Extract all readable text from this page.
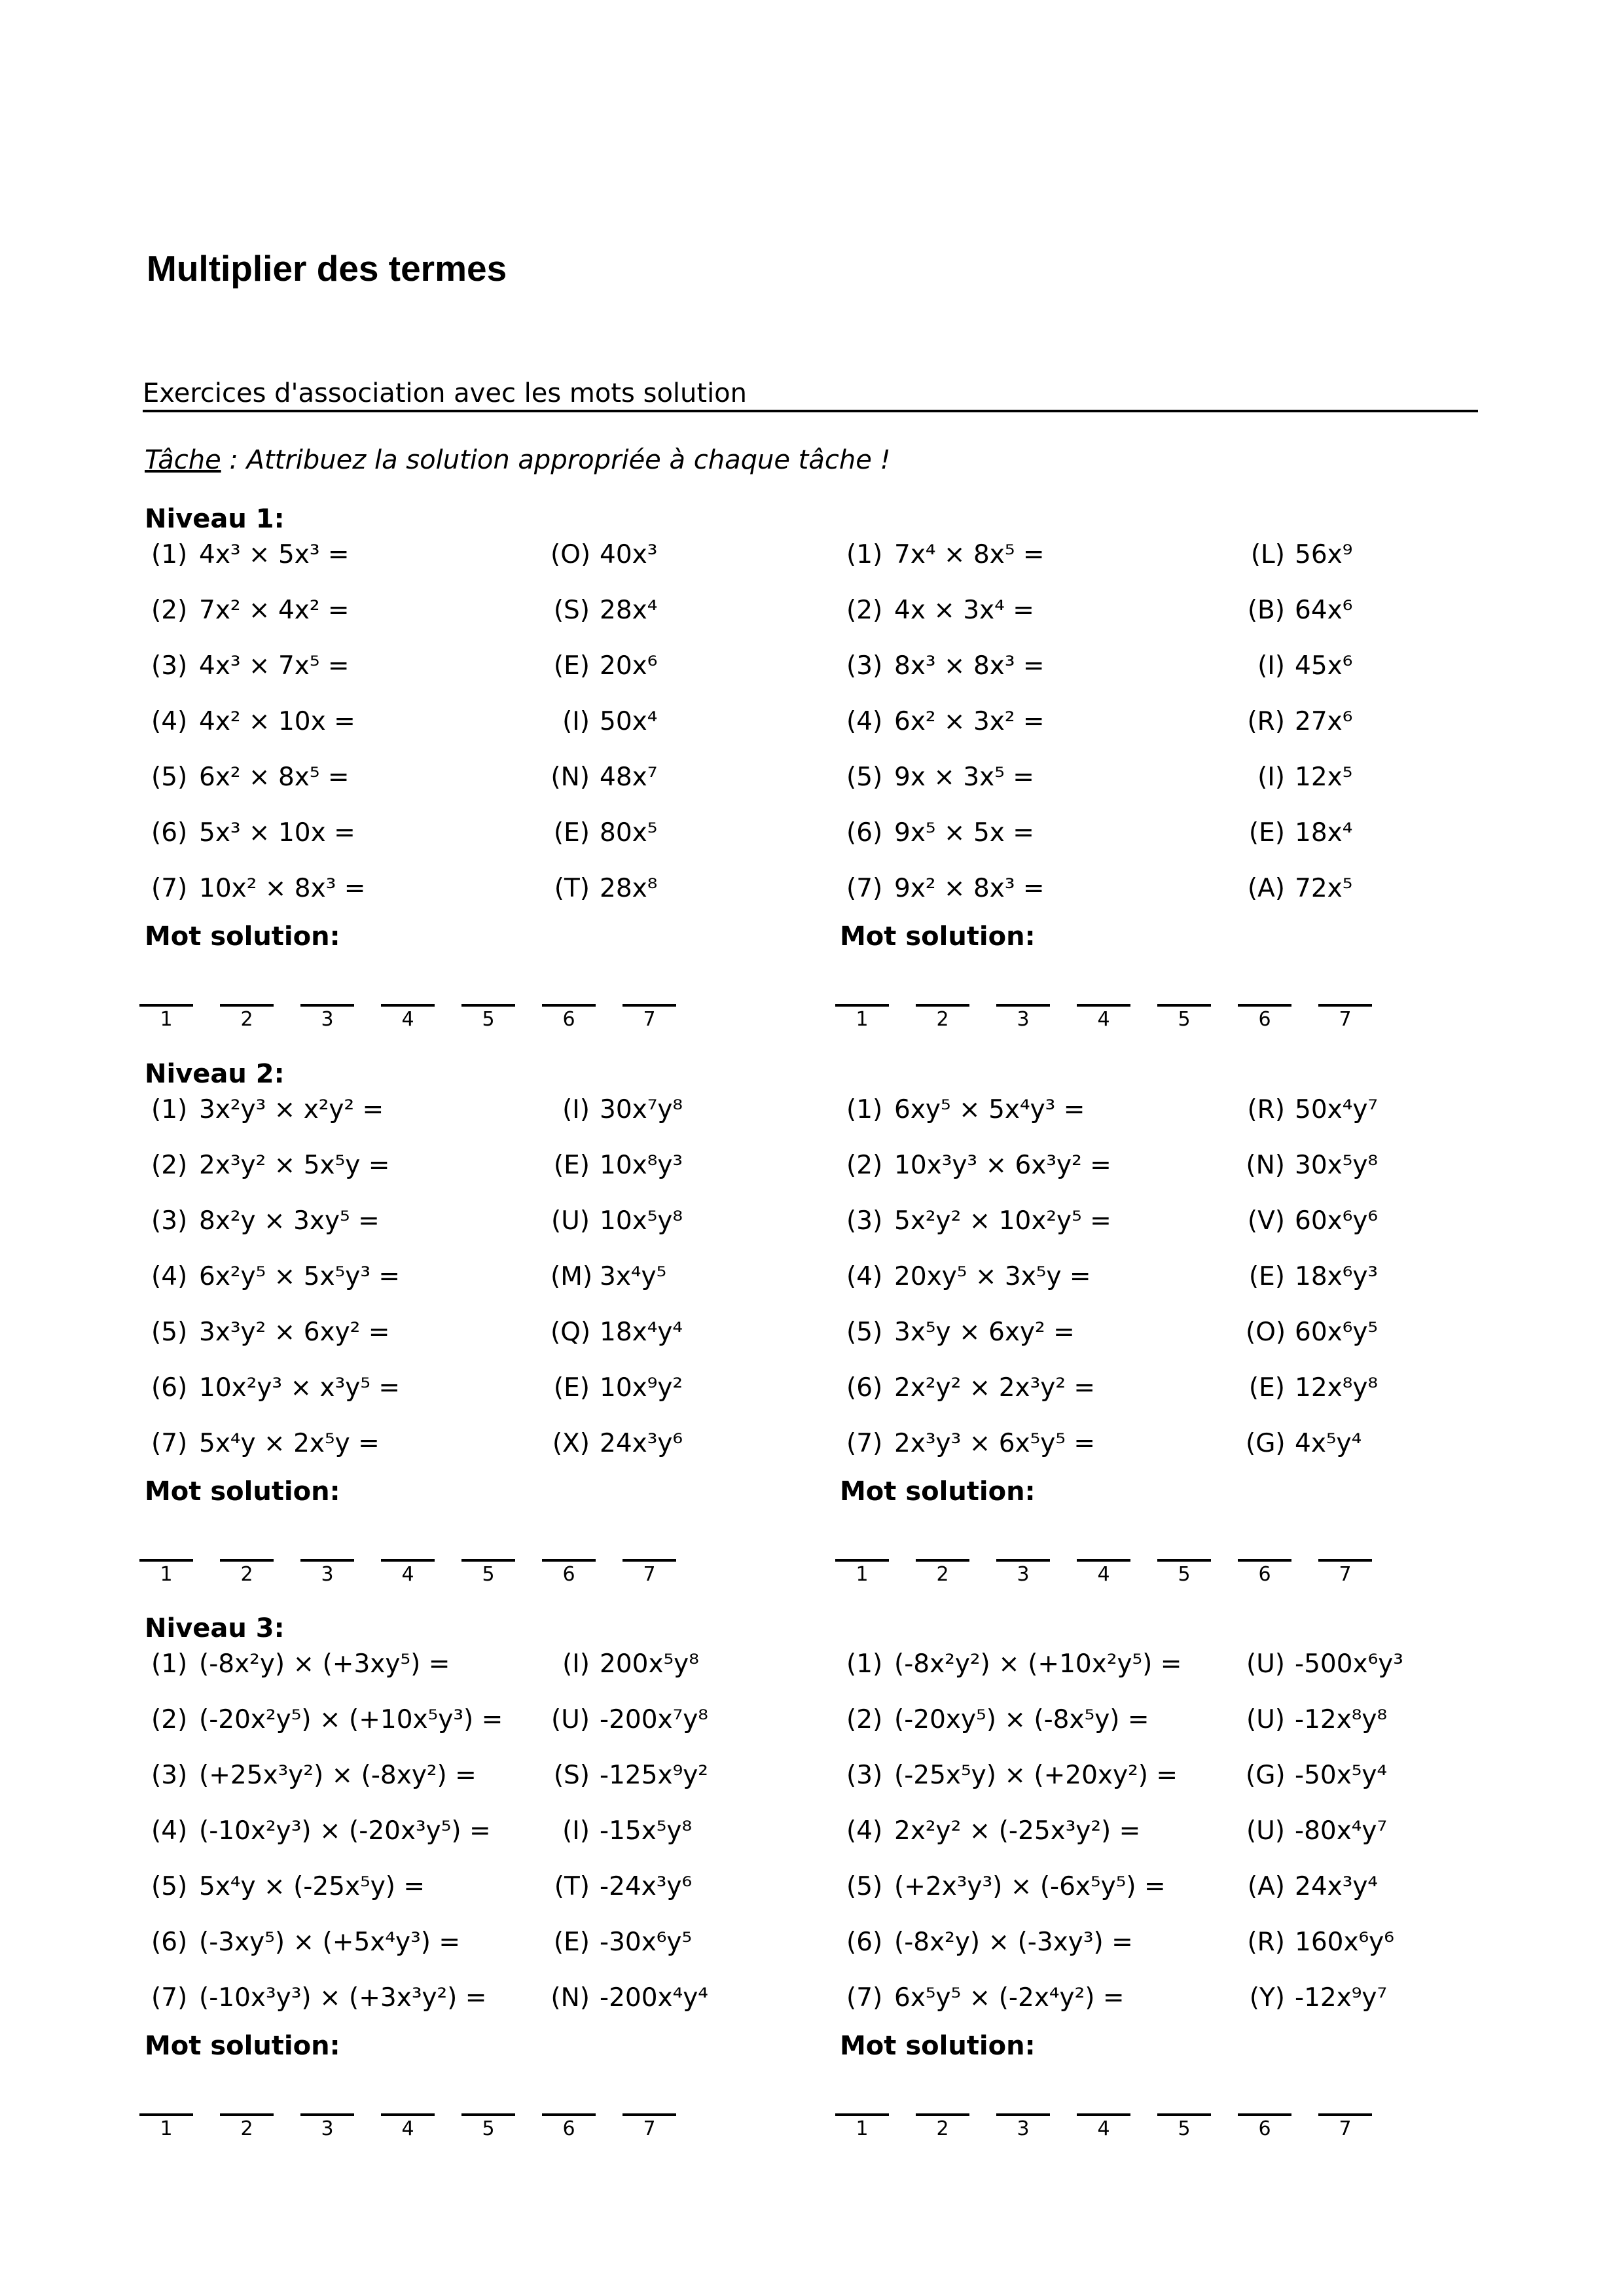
Multiplier des termes
Exercices d'association avec les mots solution
Tâche : Attribuez la solution appropriée à chaque tâche !
Niveau 1:
(1) 4x³ × 5x³ =	(O) 40x³
(2) 7x² × 4x² =	(S) 28x⁴
(3) 4x³ × 7x⁵ =	(E) 20x⁶
(4) 4x² × 10x =	(I) 50x⁴
(5) 6x² × 8x⁵ =	(N) 48x⁷
(6) 5x³ × 10x =	(E) 80x⁵
(7) 10x² × 8x³ =	(T) 28x⁸
Mot solution:
1	2	3	4	5	6	7
(1) 7x⁴ × 8x⁵ =	(L) 56x⁹
(2) 4x × 3x⁴ =	(B) 64x⁶
(3) 8x³ × 8x³ =	(I) 45x⁶
(4) 6x² × 3x² =	(R) 27x⁶
(5) 9x × 3x⁵ =	(I) 12x⁵
(6) 9x⁵ × 5x =	(E) 18x⁴
(7) 9x² × 8x³ =	(A) 72x⁵
Mot solution:
1	2	3	4	5	6	7
Niveau 2:
(1) 3x²y³ × x²y² =	(I) 30x⁷y⁸
(2) 2x³y² × 5x⁵y =	(E) 10x⁸y³
(3) 8x²y × 3xy⁵ =	(U) 10x⁵y⁸
(4) 6x²y⁵ × 5x⁵y³ =	(M) 3x⁴y⁵
(5) 3x³y² × 6xy² =	(Q) 18x⁴y⁴
(6) 10x²y³ × x³y⁵ =	(E) 10x⁹y²
(7) 5x⁴y × 2x⁵y =	(X) 24x³y⁶
Mot solution:
1	2	3	4	5	6	7
(1) 6xy⁵ × 5x⁴y³ =	(R) 50x⁴y⁷
(2) 10x³y³ × 6x³y² =	(N) 30x⁵y⁸
(3) 5x²y² × 10x²y⁵ =	(V) 60x⁶y⁶
(4) 20xy⁵ × 3x⁵y =	(E) 18x⁶y³
(5) 3x⁵y × 6xy² =	(O) 60x⁶y⁵
(6) 2x²y² × 2x³y² =	(E) 12x⁸y⁸
(7) 2x³y³ × 6x⁵y⁵ =	(G) 4x⁵y⁴
Mot solution:
1	2	3	4	5	6	7
Niveau 3:
(1) (-8x²y) × (+3xy⁵) =	(I) 200x⁵y⁸
(2) (-20x²y⁵) × (+10x⁵y³) = (U) -200x⁷y⁸
(3) (+25x³y²) × (-8xy²) =	(S) -125x⁹y²
(4) (-10x²y³) × (-20x³y⁵) =	(I) -15x⁵y⁸
(5) 5x⁴y × (-25x⁵y) =	(T) -24x³y⁶
(6) (-3xy⁵) × (+5x⁴y³) =	(E) -30x⁶y⁵
(7) (-10x³y³) × (+3x³y²) =	(N) -200x⁴y⁴
Mot solution:
1	2	3	4	5	6	7
(1) (-8x²y²) × (+10x²y⁵) =	(U) -500x⁶y³
(2) (-20xy⁵) × (-8x⁵y) =	(U) -12x⁸y⁸
(3) (-25x⁵y) × (+20xy²) =	(G) -50x⁵y⁴
(4) 2x²y² × (-25x³y²) =	(U) -80x⁴y⁷
(5) (+2x³y³) × (-6x⁵y⁵) =	(A) 24x³y⁴
(6) (-8x²y) × (-3xy³) =	(R) 160x⁶y⁶
(7) 6x⁵y⁵ × (-2x⁴y²) =	(Y) -12x⁹y⁷
Mot solution:
1	2	3	4	5	6	7
